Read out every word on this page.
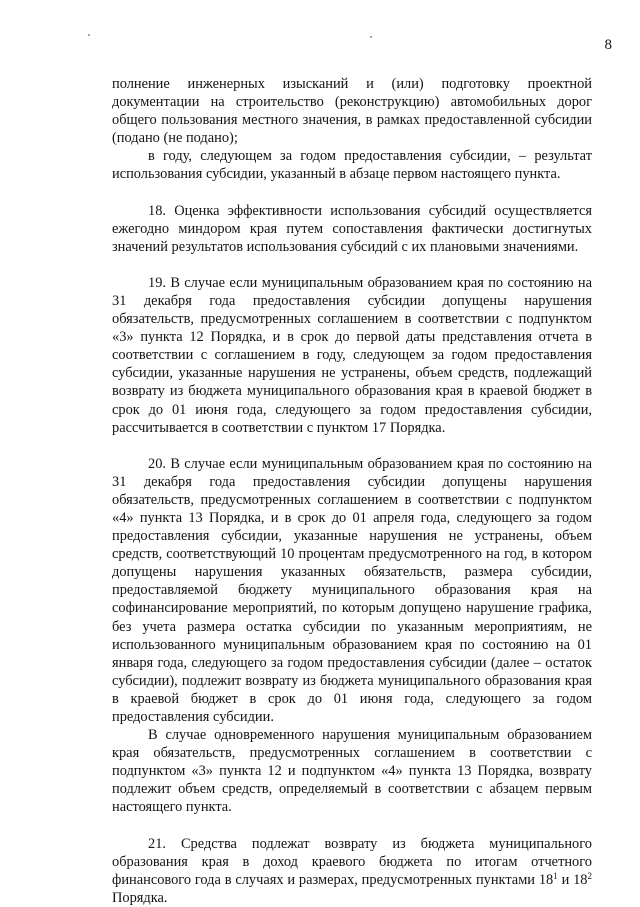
8

полнение инженерных изысканий и (или) подготовку проектной документации на строительство (реконструкцию) автомобильных дорог общего пользования местного значения, в рамках предоставленной субсидии (подано (не подано);

в году, следующем за годом предоставления субсидии, – результат использования субсидии, указанный в абзаце первом настоящего пункта.

18. Оценка эффективности использования субсидий осуществляется ежегодно миндором края путем сопоставления фактически достигнутых значений результатов использования субсидий с их плановыми значениями.

19. В случае если муниципальным образованием края по состоянию на 31 декабря года предоставления субсидии допущены нарушения обязательств, предусмотренных соглашением в соответствии с подпунктом «3» пункта 12 Порядка, и в срок до первой даты представления отчета в соответствии с соглашением в году, следующем за годом предоставления субсидии, указанные нарушения не устранены, объем средств, подлежащий возврату из бюджета муниципального образования края в краевой бюджет в срок до 01 июня года, следующего за годом предоставления субсидии, рассчитывается в соответствии с пунктом 17 Порядка.

20. В случае если муниципальным образованием края по состоянию на 31 декабря года предоставления субсидии допущены нарушения обязательств, предусмотренных соглашением в соответствии с подпунктом «4» пункта 13 Порядка, и в срок до 01 апреля года, следующего за годом предоставления субсидии, указанные нарушения не устранены, объем средств, соответствующий 10 процентам предусмотренного на год, в котором допущены нарушения указанных обязательств, размера субсидии, предоставляемой бюджету муниципального образования края на софинансирование мероприятий, по которым допущено нарушение графика, без учета размера остатка субсидии по указанным мероприятиям, не использованного муниципальным образованием края по состоянию на 01 января года, следующего за годом предоставления субсидии (далее – остаток субсидии), подлежит возврату из бюджета муниципального образования края в краевой бюджет в срок до 01 июня года, следующего за годом предоставления субсидии.

В случае одновременного нарушения муниципальным образованием края обязательств, предусмотренных соглашением в соответствии с подпунктом «3» пункта 12 и подпунктом «4» пункта 13 Порядка, возврату подлежит объем средств, определяемый в соответствии с абзацем первым настоящего пункта.

21. Средства подлежат возврату из бюджета муниципального образования края в доход краевого бюджета по итогам отчетного финансового года в случаях и размерах, предусмотренных пунктами $18^1$ и $18^2$ Порядка.
